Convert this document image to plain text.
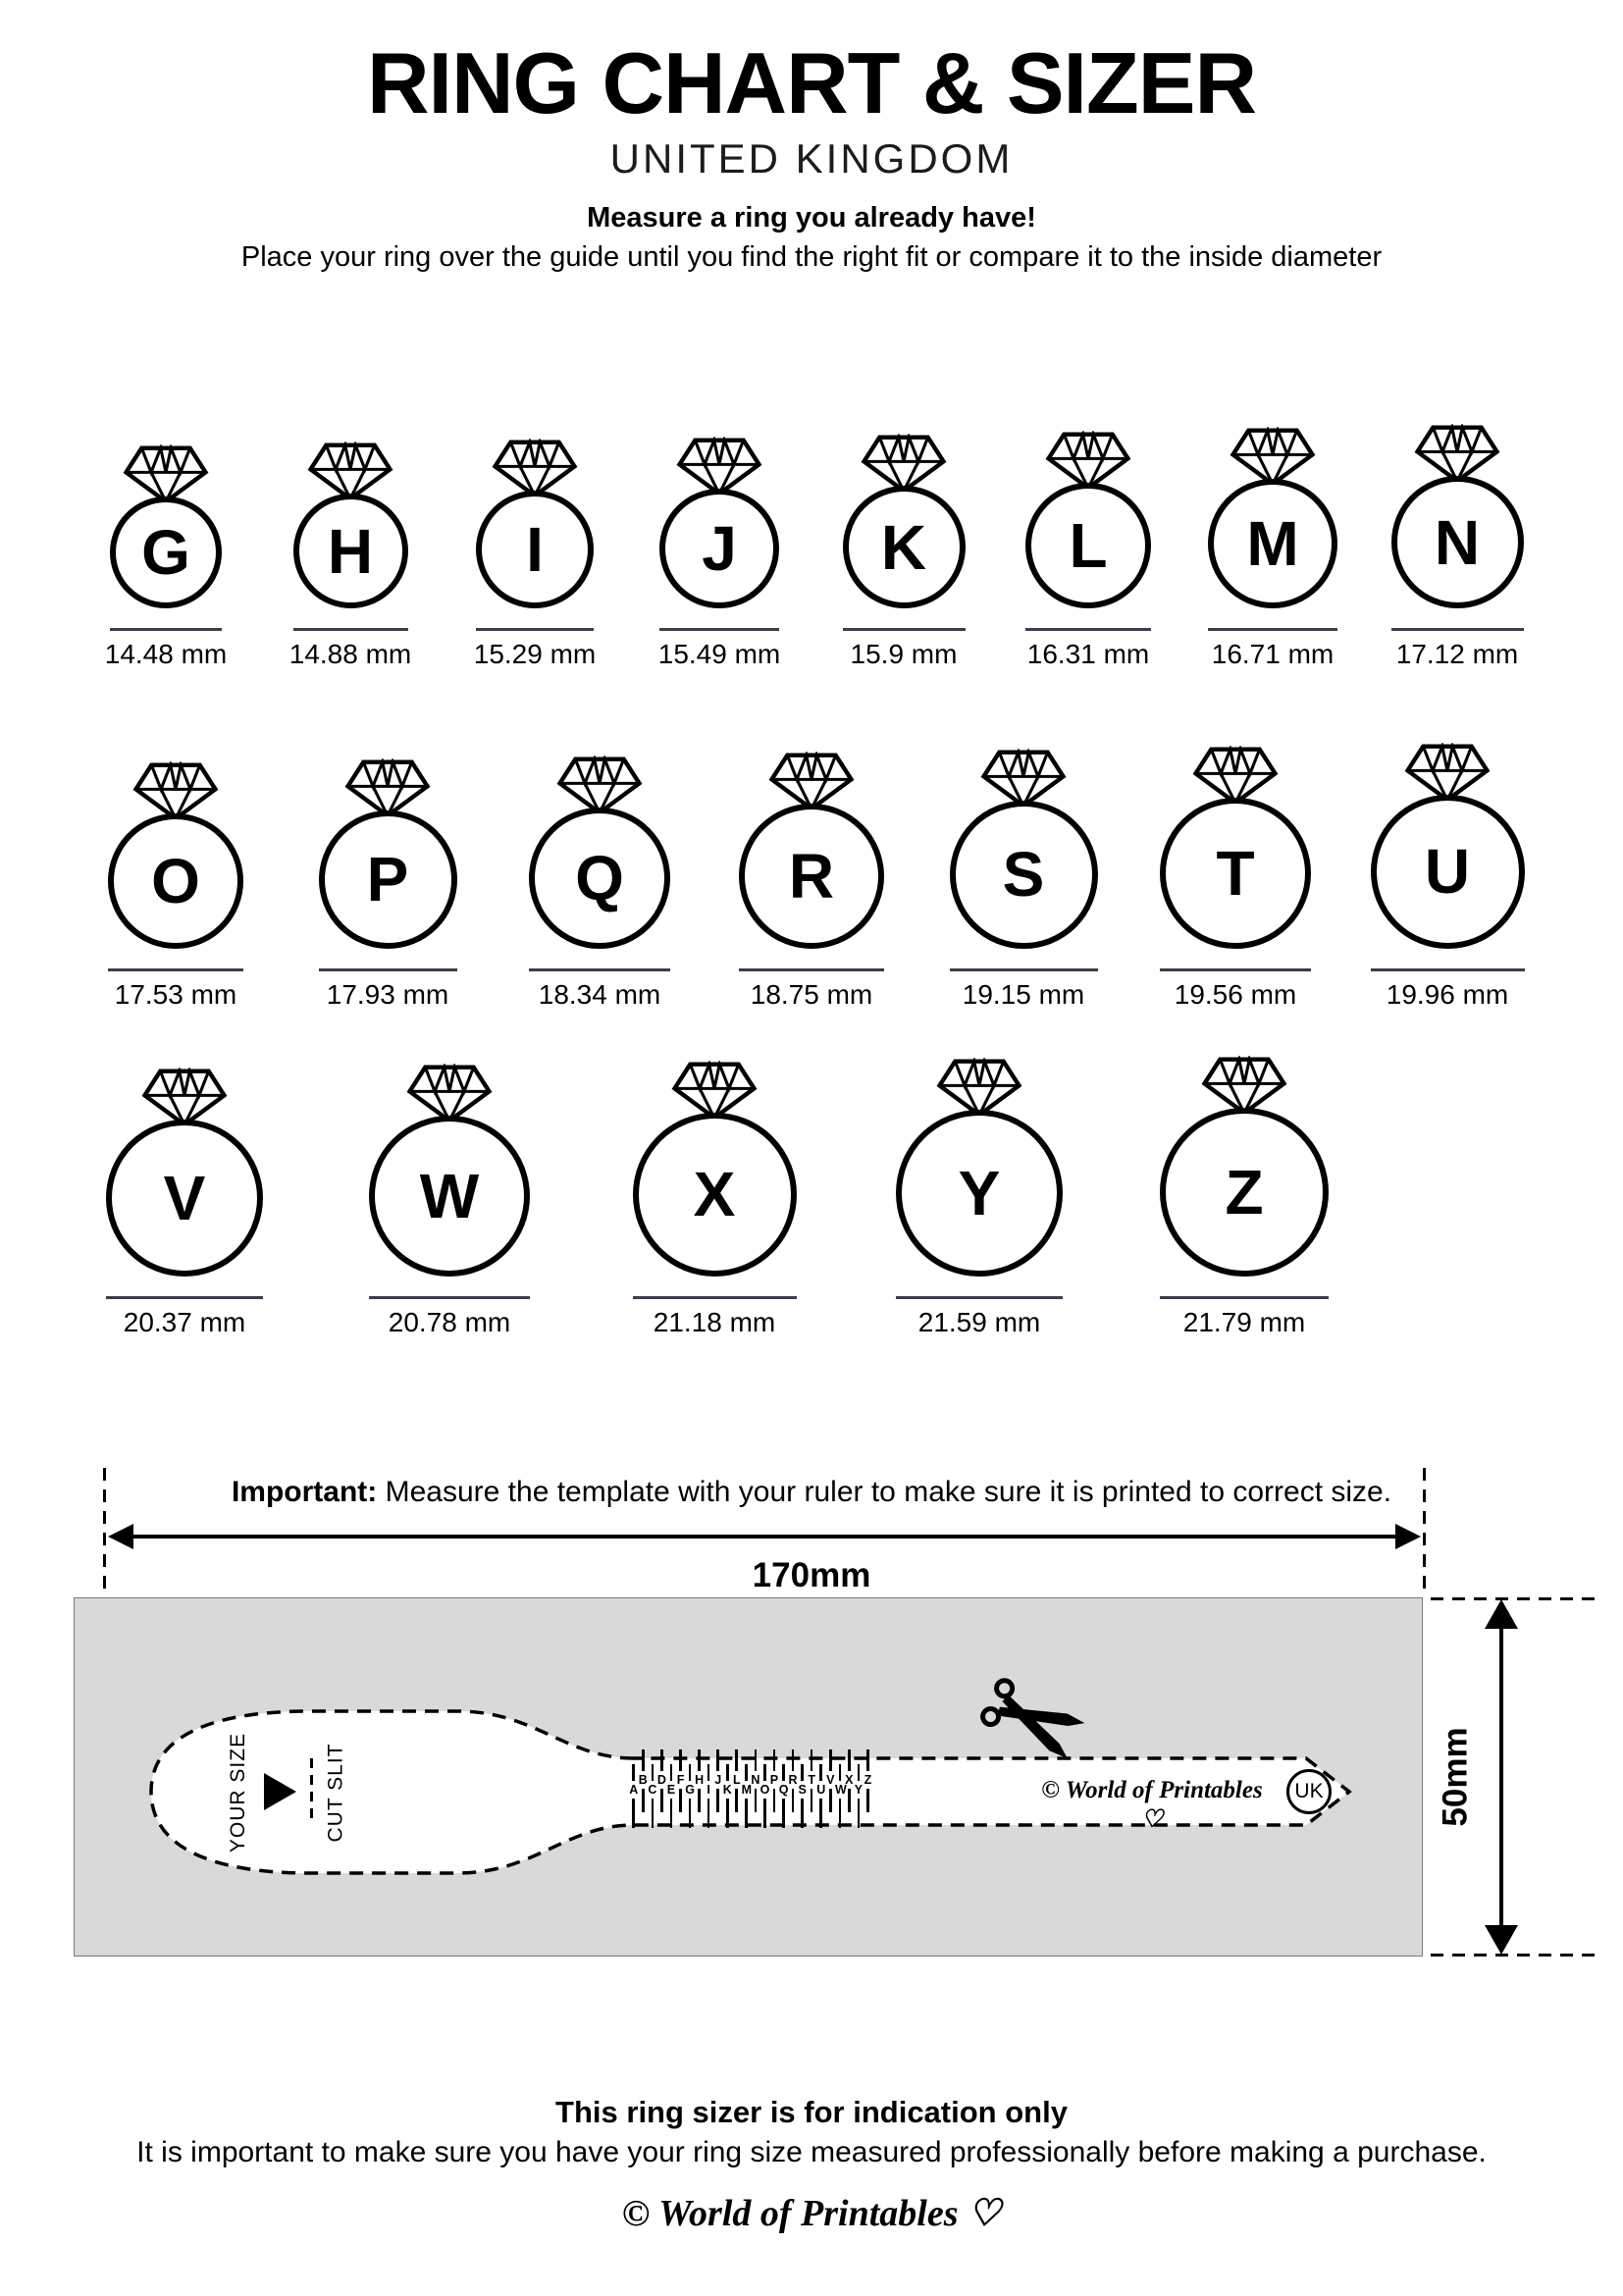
RING CHART & SIZER
UNITED KINGDOM
Measure a ring you already have!
Place your ring over the guide until you find the right fit or compare it to the inside diameter
G
14.48 mm
H
14.88 mm
I
15.29 mm
J
15.49 mm
K
15.9 mm
L
16.31 mm
M
16.71 mm
N
17.12 mm
O
17.53 mm
P
17.93 mm
Q
18.34 mm
R
18.75 mm
S
19.15 mm
T
19.56 mm
U
19.96 mm
V
20.37 mm
W
20.78 mm
X
21.18 mm
Y
21.59 mm
Z
21.79 mm

Important: Measure the template with your ruler to make sure it is printed to correct size.

170mm
YOUR SIZE	CUT SLIT	A
B
C
D
E
F
G
H
I
J
K
L
M
N
O
P
Q
R
S
T
U
V
W
X
Y
Z	© World of Printables ♡
UK	50mm
This ring sizer is for indication only
It is important to make sure you have your ring size measured professionally before making a purchase.
© World of Printables ♡
